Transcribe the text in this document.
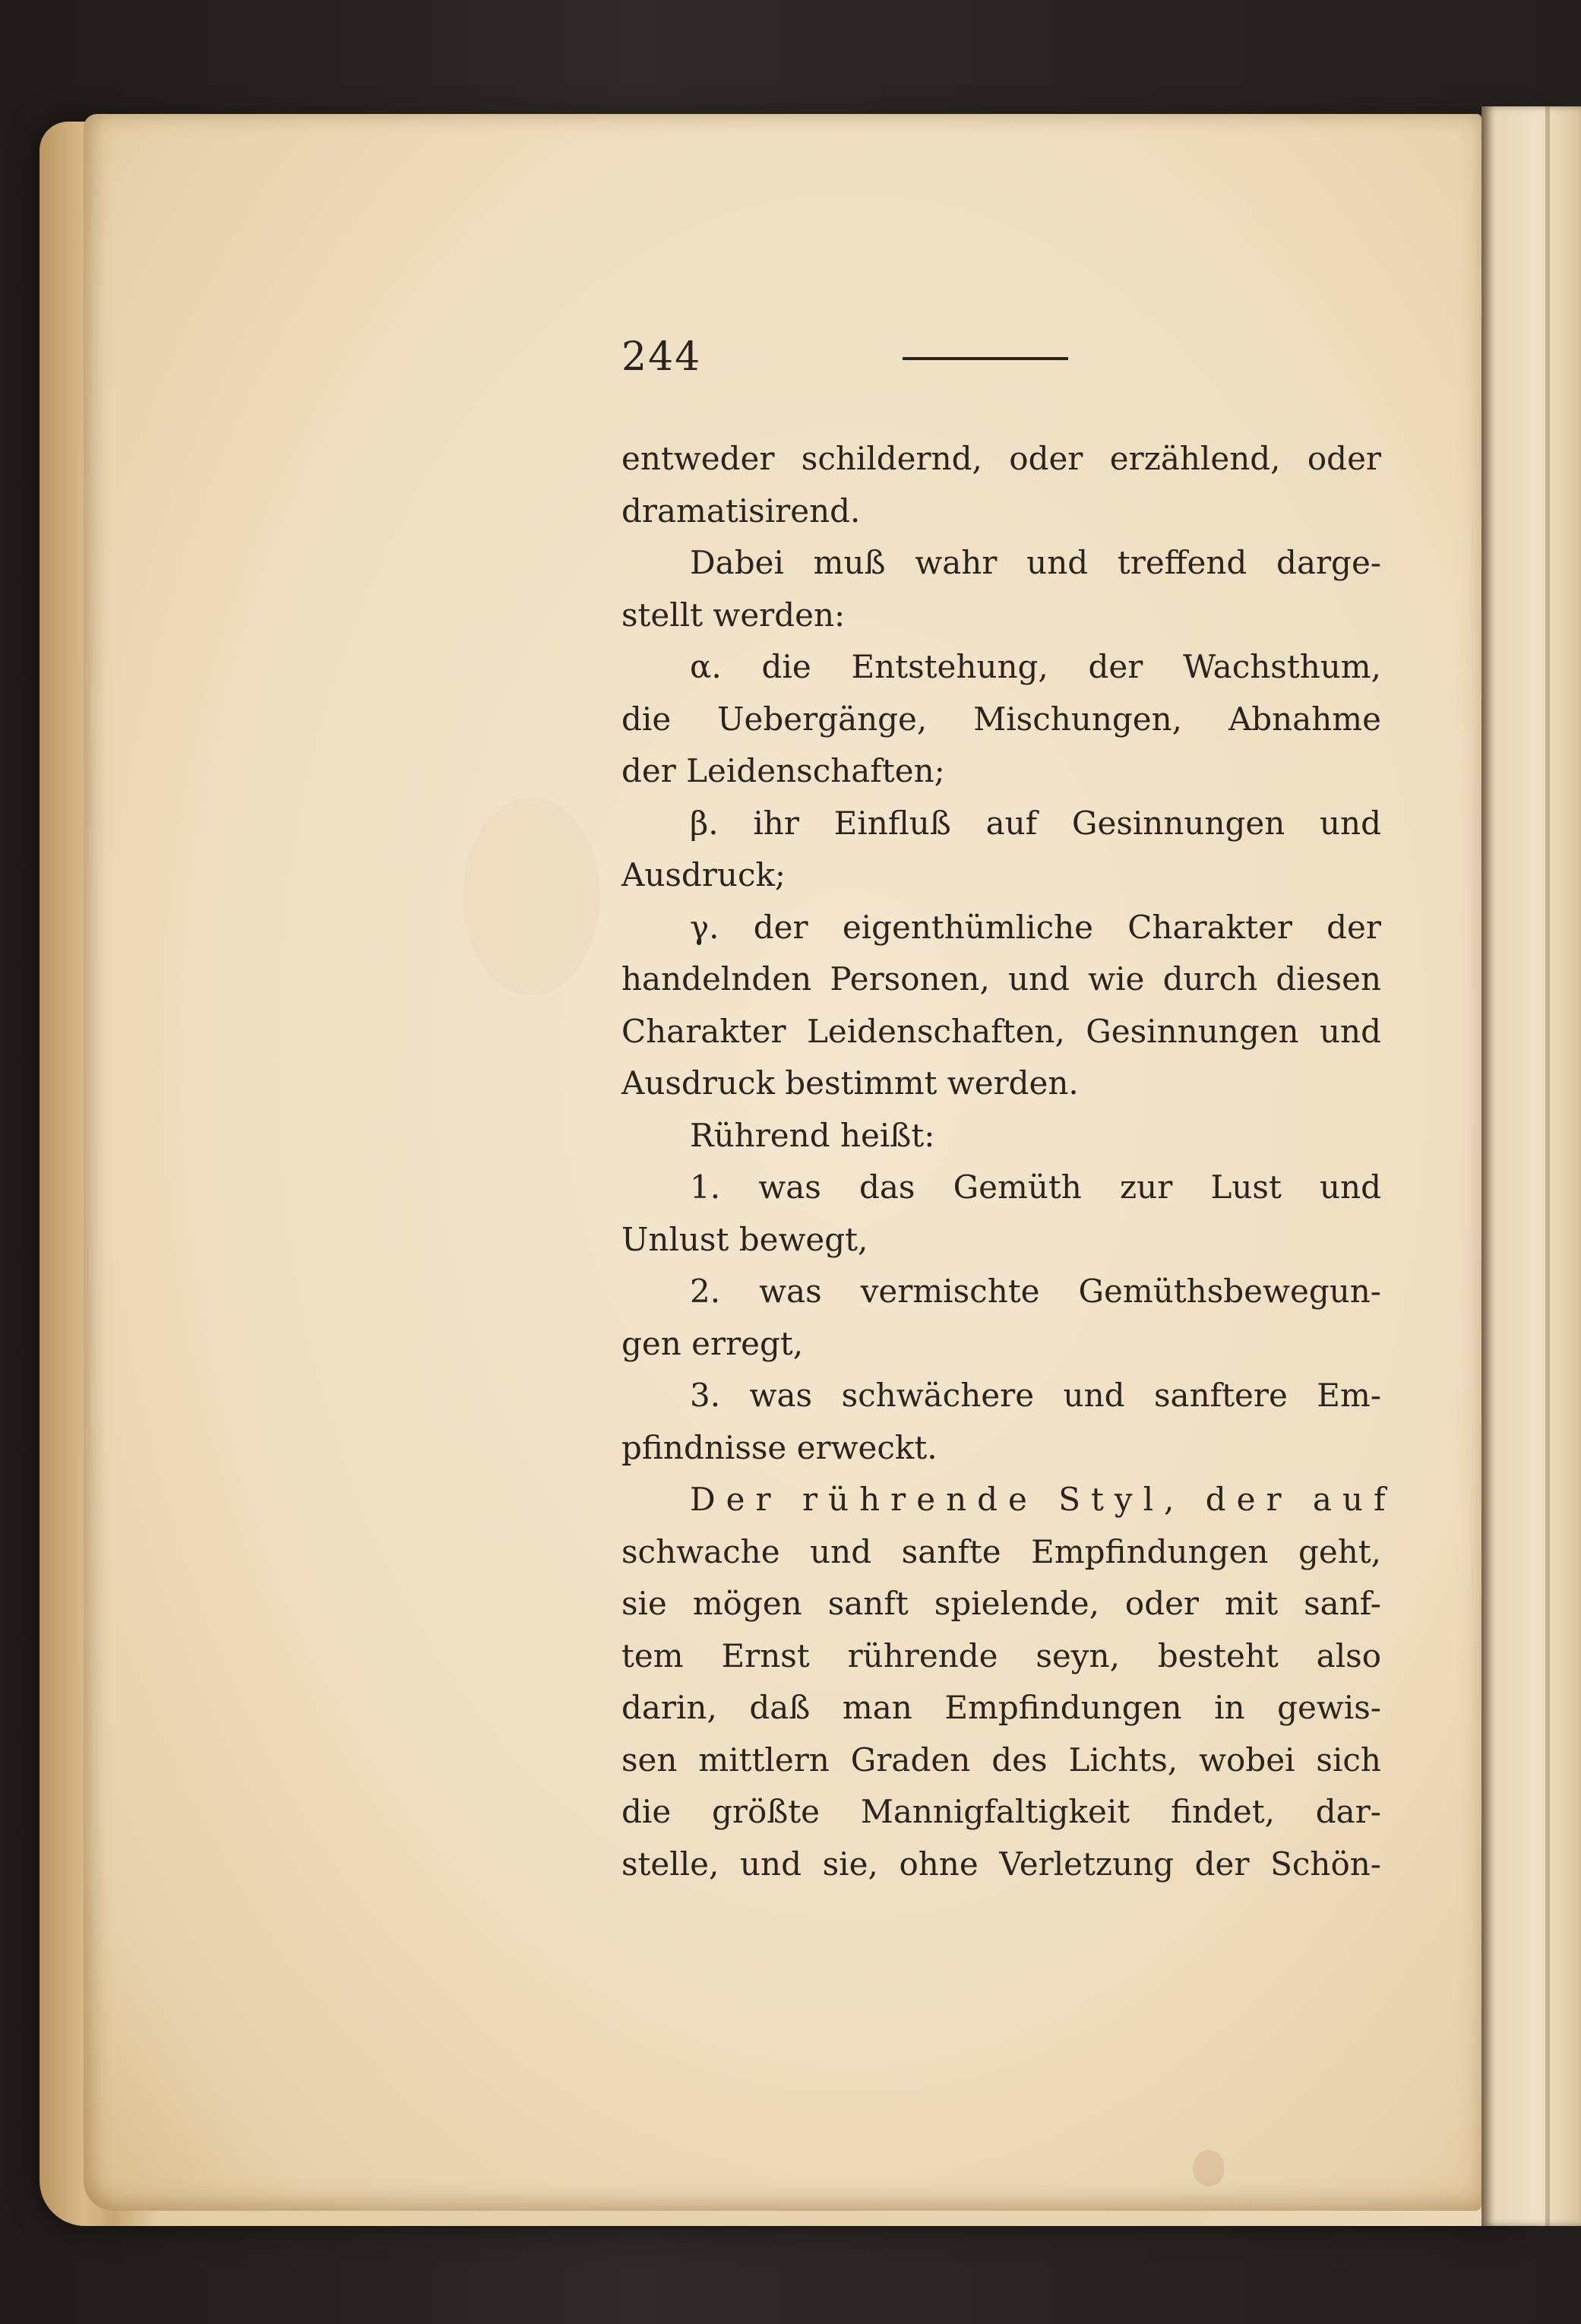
244
entweder schildernd, oder erzählend, oder
dramatisirend.
Dabei muß wahr und treffend darge-
stellt werden:
α. die Entstehung, der Wachsthum,
die Uebergänge, Mischungen, Abnahme
der Leidenschaften;
β. ihr Einfluß auf Gesinnungen und
Ausdruck;
γ. der eigenthümliche Charakter der
handelnden Personen, und wie durch diesen
Charakter Leidenschaften, Gesinnungen und
Ausdruck bestimmt werden.
Rührend heißt:
1. was das Gemüth zur Lust und
Unlust bewegt,
2. was vermischte Gemüthsbewegun-
gen erregt,
3. was schwächere und sanftere Em-
pfindnisse erweckt.
Der rührende Styl, der auf
schwache und sanfte Empfindungen geht,
sie mögen sanft spielende, oder mit sanf-
tem Ernst rührende seyn, besteht also
darin, daß man Empfindungen in gewis-
sen mittlern Graden des Lichts, wobei sich
die größte Mannigfaltigkeit findet, dar-
stelle, und sie, ohne Verletzung der Schön-
